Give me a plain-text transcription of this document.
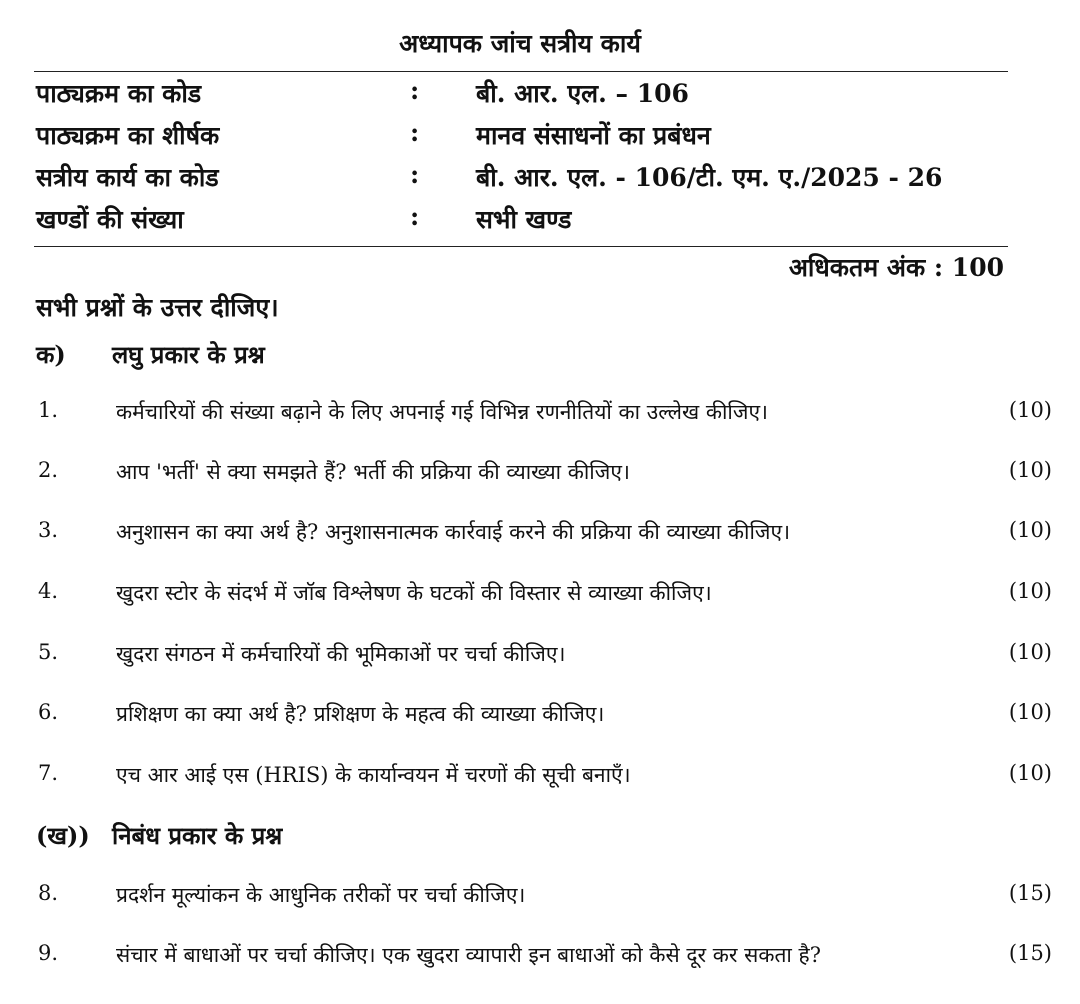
अध्यापक जांच सत्रीय कार्य
पाठ्यक्रम का कोड	: बी. आर. एल. – 106
पाठ्यक्रम का शीर्षक	: मानव संसाधनों का प्रबंधन
सत्रीय कार्य का कोड	: बी. आर. एल. - 106/टी. एम. ए./2025 - 26
खण्डों की संख्या	: सभी खण्ड
अधिकतम अंक : 100
सभी प्रश्नों के उत्तर दीजिए।
क) लघु प्रकार के प्रश्न
1.	कर्मचारियों की संख्या बढ़ाने के लिए अपनाई गई विभिन्न रणनीतियों का उल्लेख कीजिए।	(10)
2.	आप 'भर्ती' से क्या समझते हैं? भर्ती की प्रक्रिया की व्याख्या कीजिए।	(10)
3.	अनुशासन का क्या अर्थ है? अनुशासनात्मक कार्रवाई करने की प्रक्रिया की व्याख्या कीजिए।	(10)
4.	खुदरा स्टोर के संदर्भ में जॉब विश्लेषण के घटकों की विस्तार से व्याख्या कीजिए।	(10)
5.	खुदरा संगठन में कर्मचारियों की भूमिकाओं पर चर्चा कीजिए।	(10)
6.	प्रशिक्षण का क्या अर्थ है? प्रशिक्षण के महत्व की व्याख्या कीजिए।	(10)
7.	एच आर आई एस (HRIS) के कार्यान्वयन में चरणों की सूची बनाएँ।	(10)
(ख)) निबंध प्रकार के प्रश्न
8.	प्रदर्शन मूल्यांकन के आधुनिक तरीकों पर चर्चा कीजिए।	(15)
9.	संचार में बाधाओं पर चर्चा कीजिए। एक खुदरा व्यापारी इन बाधाओं को कैसे दूर कर सकता है?	(15)
